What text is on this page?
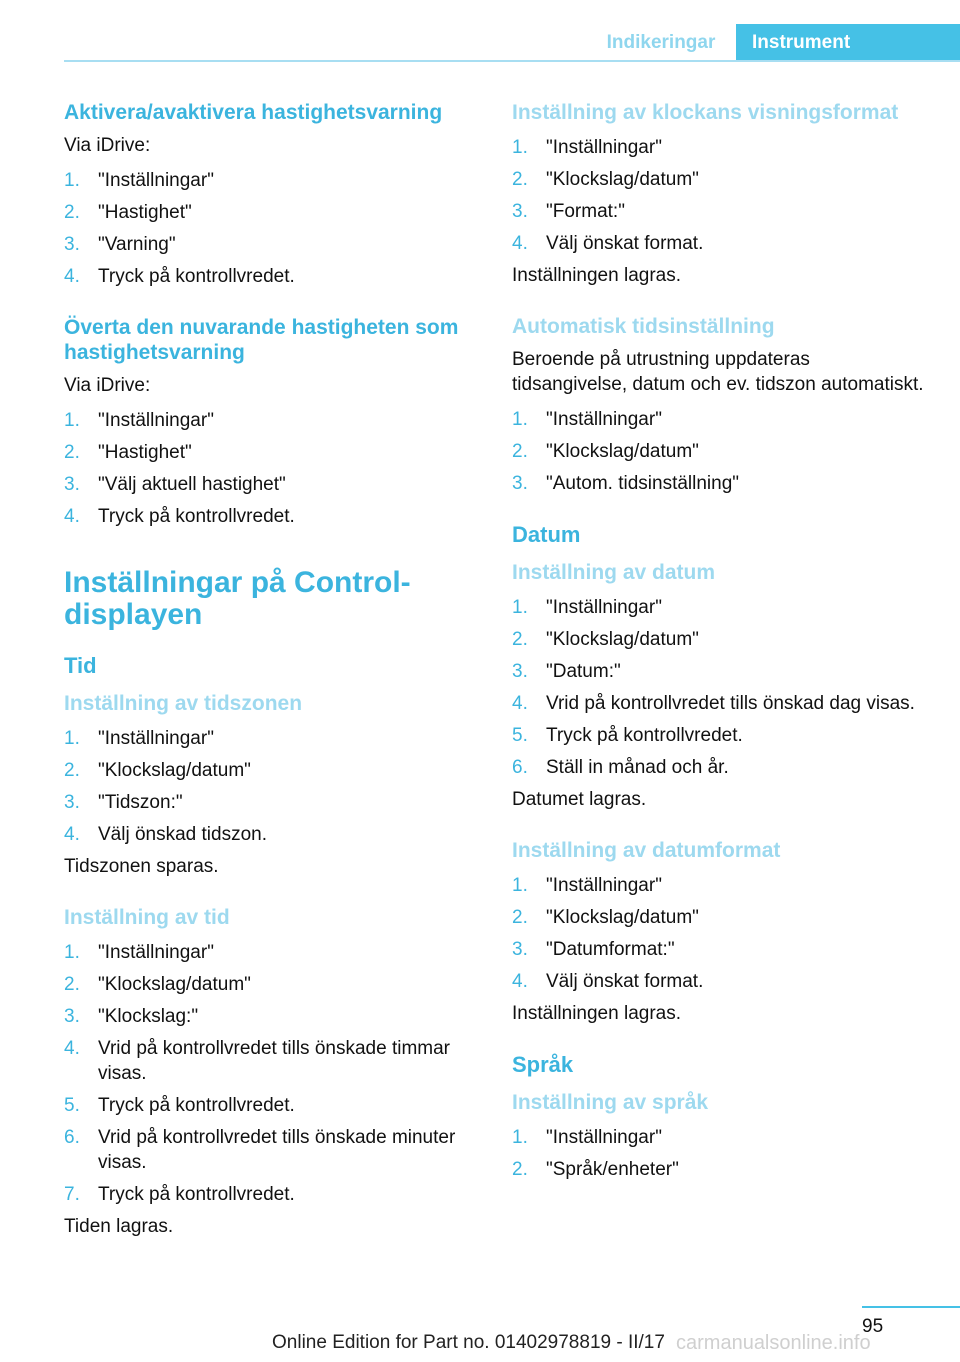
Indikeringar	Instrument
Aktivera/avaktivera hastighetsvarning

Via iDrive:

1. "Inställningar"
2. "Hastighet"
3. "Varning"
4. Tryck på kontrollvredet.
Överta den nuvarande hastigheten som hastighetsvarning

Via iDrive:

1. "Inställningar"
2. "Hastighet"
3. "Välj aktuell hastighet"
4. Tryck på kontrollvredet.
Inställningar på Control-displayen
Tid
Inställning av tidszonen
1. "Inställningar"
2. "Klockslag/datum"
3. "Tidszon:"
4. Välj önskad tidszon.

Tidszonen sparas.

Inställning av tid
1. "Inställningar"
2. "Klockslag/datum"
3. "Klockslag:"
4. Vrid på kontrollvredet tills önskade timmar visas.
5. Tryck på kontrollvredet.
6. Vrid på kontrollvredet tills önskade minuter visas.
7. Tryck på kontrollvredet.

Tiden lagras.

Inställning av klockans visningsformat
1. "Inställningar"
2. "Klockslag/datum"
3. "Format:"
4. Välj önskat format.

Inställningen lagras.

Automatisk tidsinställning

Beroende på utrustning uppdateras tidsangivelse, datum och ev. tidszon automatiskt.

1. "Inställningar"
2. "Klockslag/datum"
3. "Autom. tidsinställning"
Datum
Inställning av datum
1. "Inställningar"
2. "Klockslag/datum"
3. "Datum:"
4. Vrid på kontrollvredet tills önskad dag visas.
5. Tryck på kontrollvredet.
6. Ställ in månad och år.

Datumet lagras.

Inställning av datumformat
1. "Inställningar"
2. "Klockslag/datum"
3. "Datumformat:"
4. Välj önskat format.

Inställningen lagras.

Språk
Inställning av språk
1. "Inställningar"
2. "Språk/enheter"
95
Online Edition for Part no. 01402978819 - II/17 carmanualsonline.info
